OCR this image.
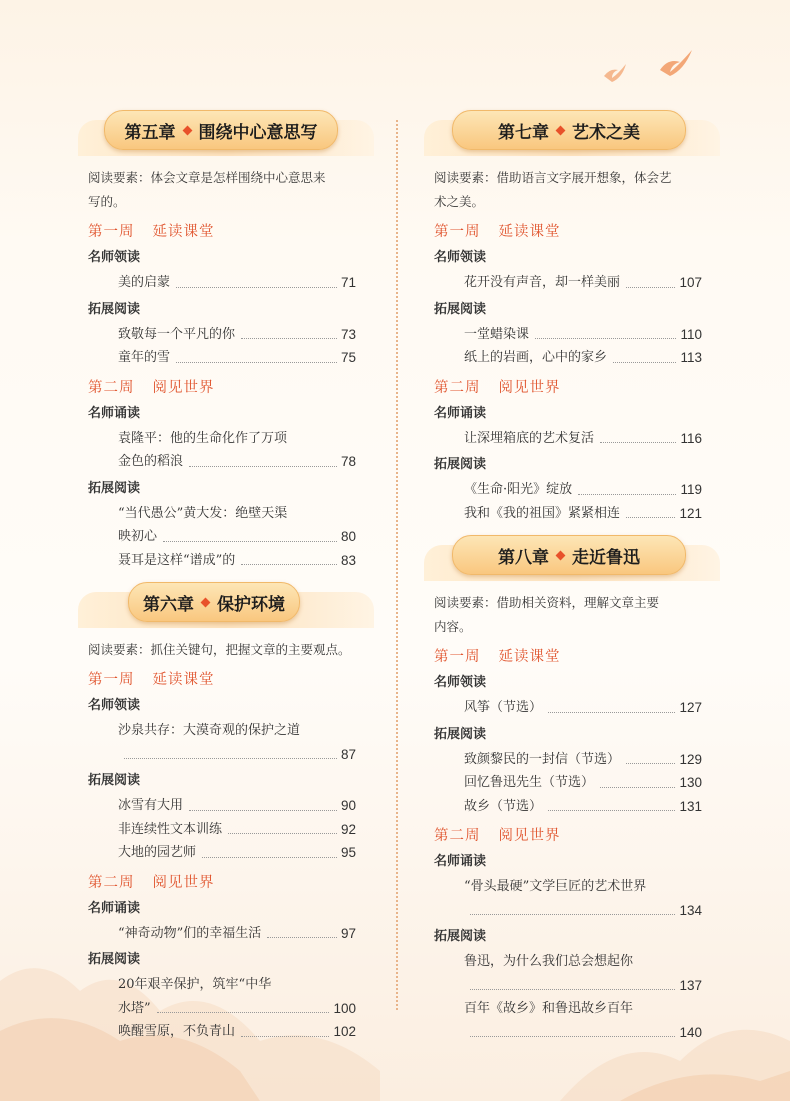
第五章 围绕中心意思写
阅读要素：体会文章是怎样围绕中心意思来
写的。
第一周 延读课堂
名师领读
美的启蒙	71
拓展阅读
致敬每一个平凡的你	73
童年的雪	75
第二周 阅见世界
名师诵读
袁隆平：他的生命化作了万项
金色的稻浪	78
拓展阅读
“当代愚公”黄大发：绝壁天渠
映初心	80
聂耳是这样“谱成”的	83
第六章 保护环境
阅读要素：抓住关键句，把握文章的主要观点。
第一周 延读课堂
名师领读
沙泉共存：大漠奇观的保护之道
87
拓展阅读
冰雪有大用	90
非连续性文本训练	92
大地的园艺师	95
第二周 阅见世界
名师诵读
“神奇动物”们的幸福生活	97
拓展阅读
20年艰辛保护，筑牢“中华
水塔”	100
唤醒雪原，不负青山	102
第七章 艺术之美
阅读要素：借助语言文字展开想象，体会艺
术之美。
第一周 延读课堂
名师领读
花开没有声音，却一样美丽	107
拓展阅读
一堂蜡染课	110
纸上的岩画，心中的家乡	113
第二周 阅见世界
名师诵读
让深埋箱底的艺术复活	116
拓展阅读
《生命·阳光》绽放	119
我和《我的祖国》紧紧相连	121
第八章 走近鲁迅
阅读要素：借助相关资料，理解文章主要
内容。
第一周 延读课堂
名师领读
风筝（节选）	127
拓展阅读
致颜黎民的一封信（节选）	129
回忆鲁迅先生（节选）	130
故乡（节选）	131
第二周 阅见世界
名师诵读
“骨头最硬”文学巨匠的艺术世界
134
拓展阅读
鲁迅，为什么我们总会想起你
137
百年《故乡》和鲁迅故乡百年
140
